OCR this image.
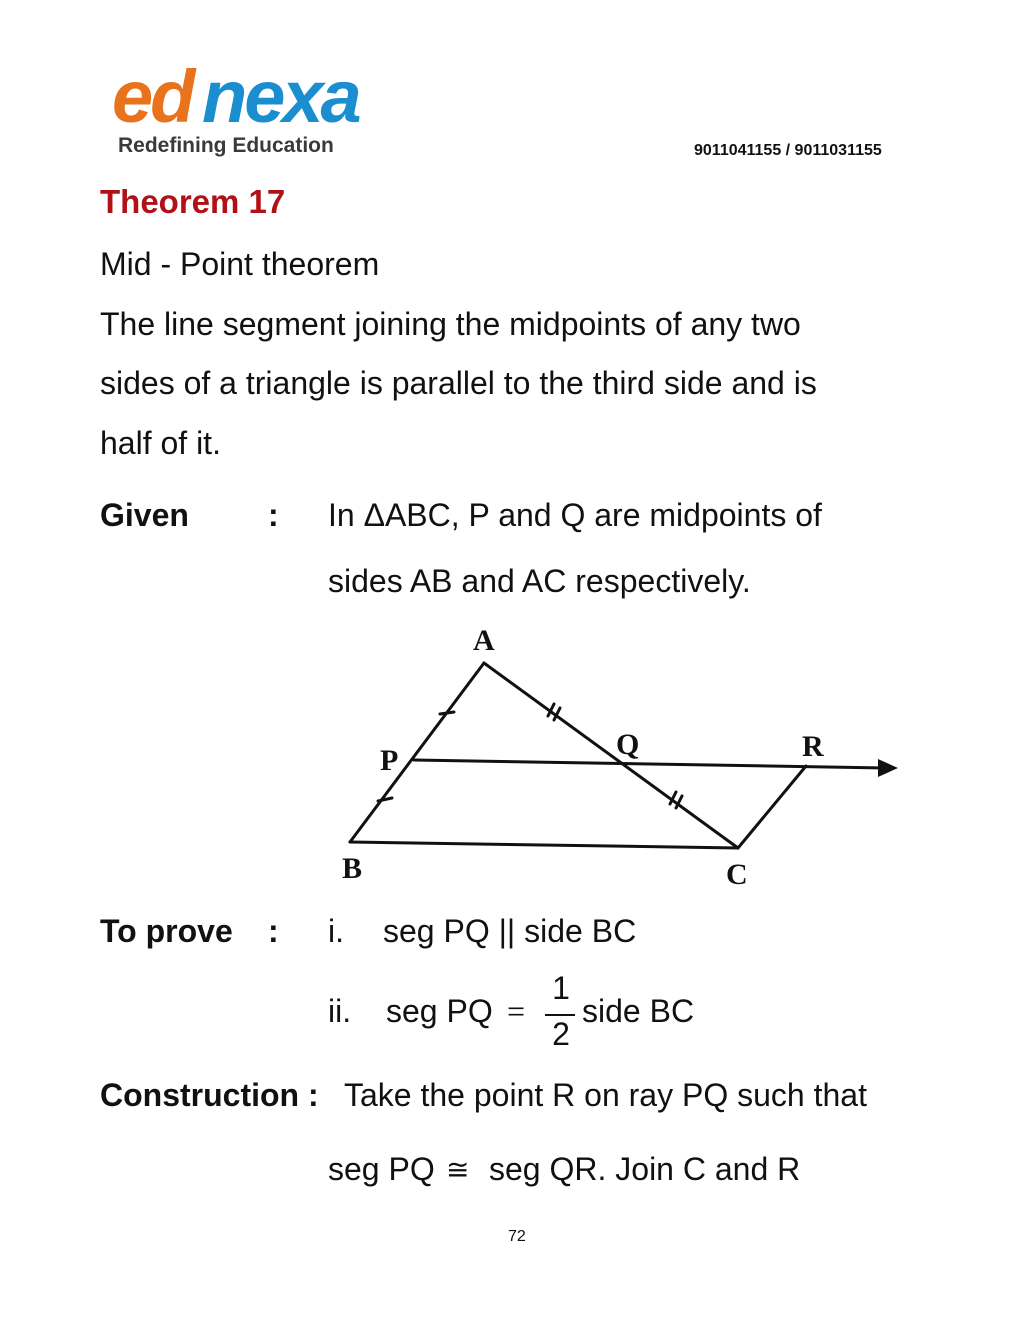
ed nexa
Redefining Education	9011041155 / 9011031155
Theorem 17
Mid - Point theorem
The line segment joining the midpoints of any two
sides of a triangle is parallel to the third side and is
half of it.
Given : In ΔABC, P and Q are midpoints of
sides AB and AC respectively.
A
P	Q	R
B	C
To prove : i. seg PQ || side BC
ii. seg PQ =
1
2
side BC
Construction : Take the point R on ray PQ such that
seg PQ ≅ seg QR. Join C and R
72
